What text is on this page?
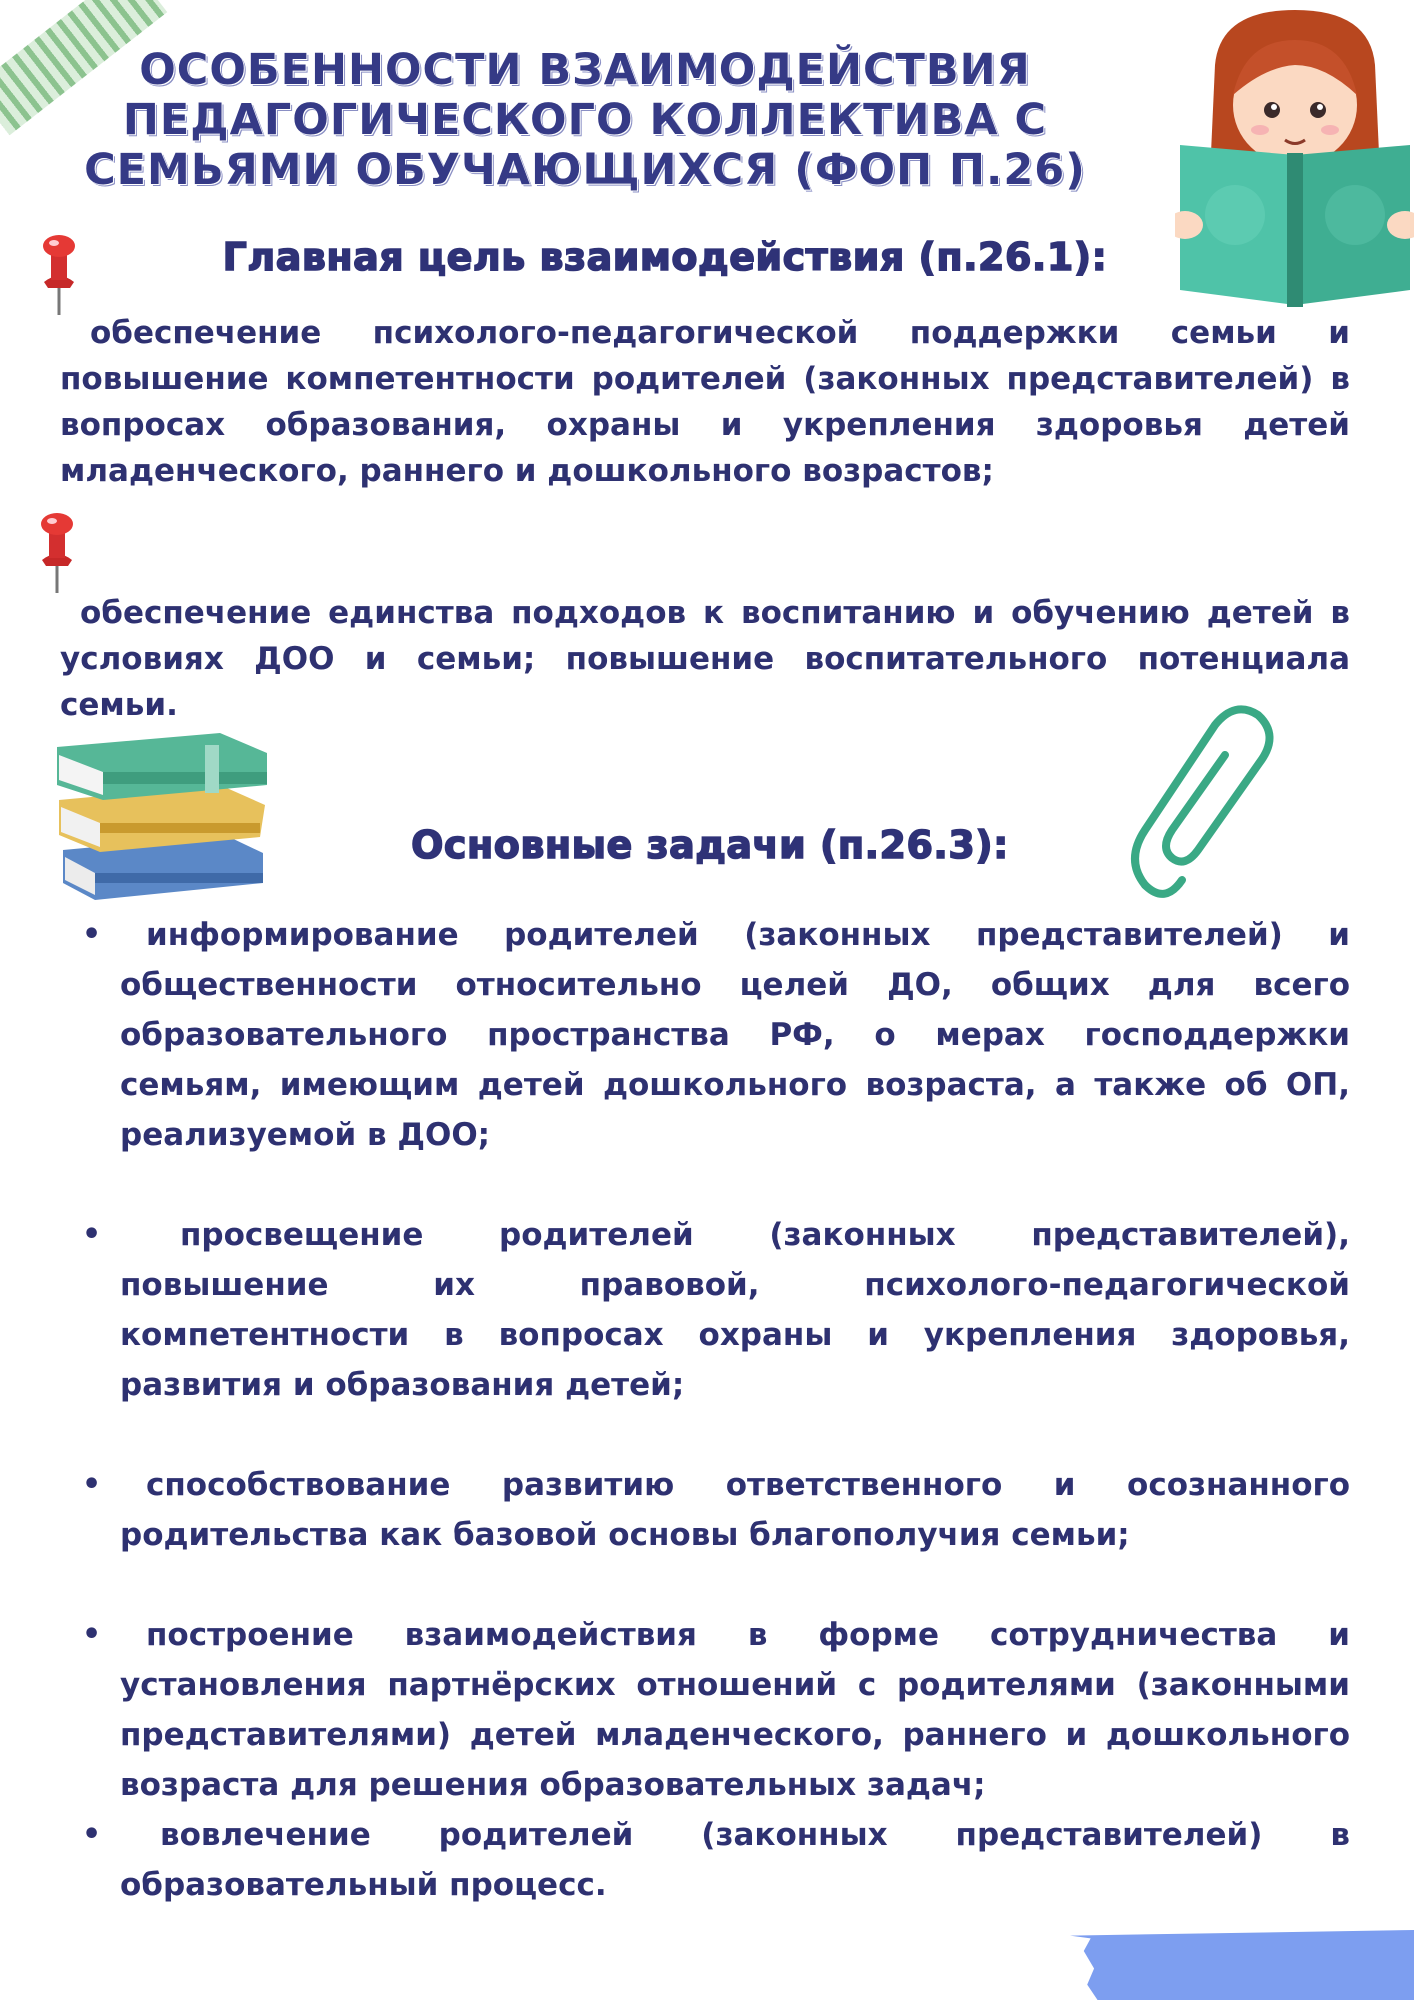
ОСОБЕННОСТИ ВЗАИМОДЕЙСТВИЯ ПЕДАГОГИЧЕСКОГО КОЛЛЕКТИВА С СЕМЬЯМИ ОБУЧАЮЩИХСЯ (ФОП П.26)
Главная цель взаимодействия (п.26.1):

обеспечение психолого-педагогической поддержки семьи и повышение компетентности родителей (законных представителей) в вопросах образования, охраны и укрепления здоровья детей младенческого, раннего и дошкольного возрастов;

обеспечение единства подходов к воспитанию и обучению детей в условиях ДОО и семьи; повышение воспитательного потенциала семьи.

Основные задачи (п.26.3):
•	информирование родителей (законных представителей) и общественности относительно целей ДО, общих для всего образовательного пространства РФ, о мерах господдержки семьям, имеющим детей дошкольного возраста, а также об ОП, реализуемой в ДОО;
•	просвещение родителей (законных представителей), повышение их правовой, психолого-педагогической компетентности в вопросах охраны и укрепления здоровья, развития и образования детей;
•	способствование развитию ответственного и осознанного родительства как базовой основы благополучия семьи;
•	построение взаимодействия в форме сотрудничества и установления партнёрских отношений с родителями (законными представителями) детей младенческого, раннего и дошкольного возраста для решения образовательных задач;
•	вовлечение родителей (законных представителей) в образовательный процесс.
